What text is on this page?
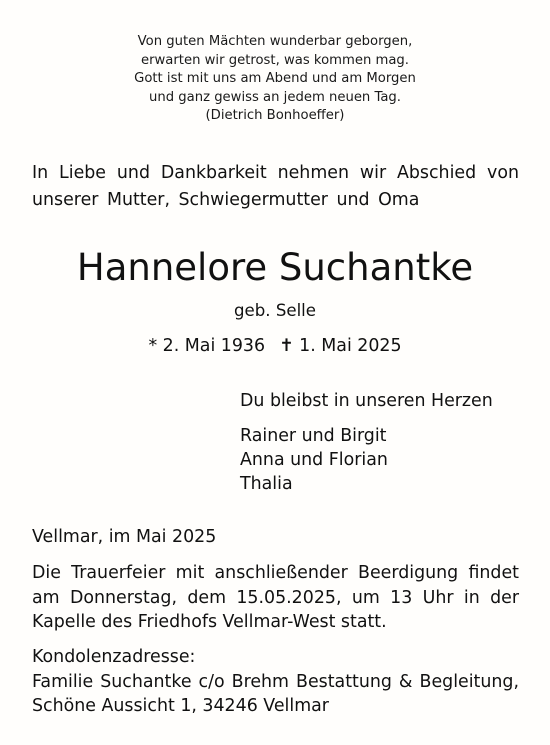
Von guten Mächten wunderbar geborgen,
erwarten wir getrost, was kommen mag.
Gott ist mit uns am Abend und am Morgen
und ganz gewiss an jedem neuen Tag.
(Dietrich Bonhoeffer)
In Liebe und Dankbarkeit nehmen wir Abschied von
unserer Mutter, Schwiegermutter und Oma
Hannelore Suchantke
geb. Selle
* 2. Mai 1936 ✝ 1. Mai 2025
Du bleibst in unseren Herzen
Rainer und Birgit
Anna und Florian
Thalia
Vellmar, im Mai 2025
Die Trauerfeier mit anschließender Beerdigung findet
am Donnerstag, dem 15.05.2025, um 13 Uhr in der
Kapelle des Friedhofs Vellmar-West statt.
Kondolenzadresse:
Familie Suchantke c/o Brehm Bestattung & Begleitung,
Schöne Aussicht 1, 34246 Vellmar
